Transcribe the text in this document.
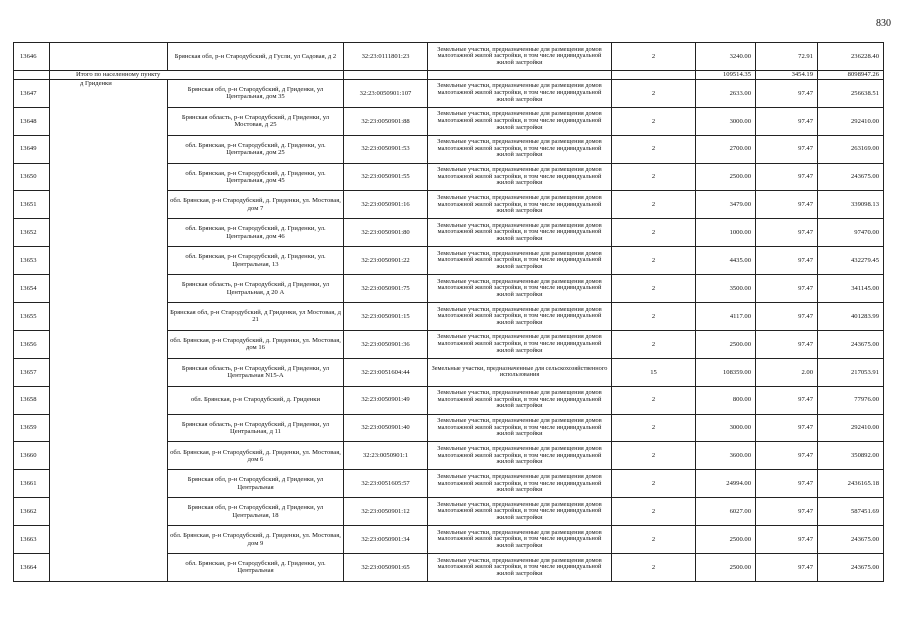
830
13646		Брянская обл, р-н Стародубский, д Гусли, ул Садовая, д 2	32:23:0111801:23	Земельные участки, предназначенные для размещения домов малоэтажной жилой застройки, в том числе индивидуальной жилой застройки	2	3240.00	72.91	236228.40
	Итого по населенному пункту					109514.35	3454.19	8098947.26
13647	д Гриденки	Брянская обл, р-н Стародубский, д Гриденки, ул Центральная, дом 35	32:23:0050901:107	Земельные участки, предназначенные для размещения домов малоэтажной жилой застройки, в том числе индивидуальной жилой застройки	2	2633.00	97.47	256638.51
13648		Брянская область, р-н Стародубский, д Гриденки, ул Мостовая, д 25	32:23:0050901:88	Земельные участки, предназначенные для размещения домов малоэтажной жилой застройки, в том числе индивидуальной жилой застройки	2	3000.00	97.47	292410.00
13649		обл. Брянская, р-н Стародубский, д. Гриденки, ул. Центральная, дом 25	32:23:0050901:53	Земельные участки, предназначенные для размещения домов малоэтажной жилой застройки, в том числе индивидуальной жилой застройки	2	2700.00	97.47	263169.00
13650		обл. Брянская, р-н Стародубский, д. Гриденки, ул. Центральная, дом 45	32:23:0050901:55	Земельные участки, предназначенные для размещения домов малоэтажной жилой застройки, в том числе индивидуальной жилой застройки	2	2500.00	97.47	243675.00
13651		обл. Брянская, р-н Стародубский, д. Гриденки, ул. Мостовая, дом 7	32:23:0050901:16	Земельные участки, предназначенные для размещения домов малоэтажной жилой застройки, в том числе индивидуальной жилой застройки	2	3479.00	97.47	339098.13
13652		обл. Брянская, р-н Стародубский, д. Гриденки, ул. Центральная, дом 46	32:23:0050901:80	Земельные участки, предназначенные для размещения домов малоэтажной жилой застройки, в том числе индивидуальной жилой застройки	2	1000.00	97.47	97470.00
13653		обл. Брянская, р-н Стародубский, д. Гриденки, ул. Центральная, 13	32:23:0050901:22	Земельные участки, предназначенные для размещения домов малоэтажной жилой застройки, в том числе индивидуальной жилой застройки	2	4435.00	97.47	432279.45
13654		Брянская область, р-н Стародубский, д Гриденки, ул Центральная, д 20 А	32:23:0050901:75	Земельные участки, предназначенные для размещения домов малоэтажной жилой застройки, в том числе индивидуальной жилой застройки	2	3500.00	97.47	341145.00
13655		Брянская обл, р-н Стародубский, д Гриденки, ул Мостовая, д 21	32:23:0050901:15	Земельные участки, предназначенные для размещения домов малоэтажной жилой застройки, в том числе индивидуальной жилой застройки	2	4117.00	97.47	401283.99
13656		обл. Брянская, р-н Стародубский, д. Гриденки, ул. Мостовая, дом 16	32:23:0050901:36	Земельные участки, предназначенные для размещения домов малоэтажной жилой застройки, в том числе индивидуальной жилой застройки	2	2500.00	97.47	243675.00
13657		Брянская область, р-н Стародубский, д Гриденки, ул Центральная N15-А	32:23:0051604:44	Земельные участки, предназначенные для сельскохозяйственного использования	15	108359.00	2.00	217053.91
13658		обл. Брянская, р-н Стародубский, д. Гриденки	32:23:0050901:49	Земельные участки, предназначенные для размещения домов малоэтажной жилой застройки, в том числе индивидуальной жилой застройки	2	800.00	97.47	77976.00
13659		Брянская область, р-н Стародубский, д Гриденки, ул Центральная, д 11	32:23:0050901:40	Земельные участки, предназначенные для размещения домов малоэтажной жилой застройки, в том числе индивидуальной жилой застройки	2	3000.00	97.47	292410.00
13660		обл. Брянская, р-н Стародубский, д. Гриденки, ул. Мостовая, дом 6	32:23:0050901:1	Земельные участки, предназначенные для размещения домов малоэтажной жилой застройки, в том числе индивидуальной жилой застройки	2	3600.00	97.47	350892.00
13661		Брянская обл, р-н Стародубский, д Гриденки, ул Центральная	32:23:0051605:57	Земельные участки, предназначенные для размещения домов малоэтажной жилой застройки, в том числе индивидуальной жилой застройки	2	24994.00	97.47	2436165.18
13662		Брянская обл, р-н Стародубский, д Гриденки, ул Центральная, 18	32:23:0050901:12	Земельные участки, предназначенные для размещения домов малоэтажной жилой застройки, в том числе индивидуальной жилой застройки	2	6027.00	97.47	587451.69
13663		обл. Брянская, р-н Стародубский, д. Гриденки, ул. Мостовая, дом 9	32:23:0050901:34	Земельные участки, предназначенные для размещения домов малоэтажной жилой застройки, в том числе индивидуальной жилой застройки	2	2500.00	97.47	243675.00
13664		обл. Брянская, р-н Стародубский, д. Гриденки, ул. Центральная	32:23:0050901:65	Земельные участки, предназначенные для размещения домов малоэтажной жилой застройки, в том числе индивидуальной жилой застройки	2	2500.00	97.47	243675.00
